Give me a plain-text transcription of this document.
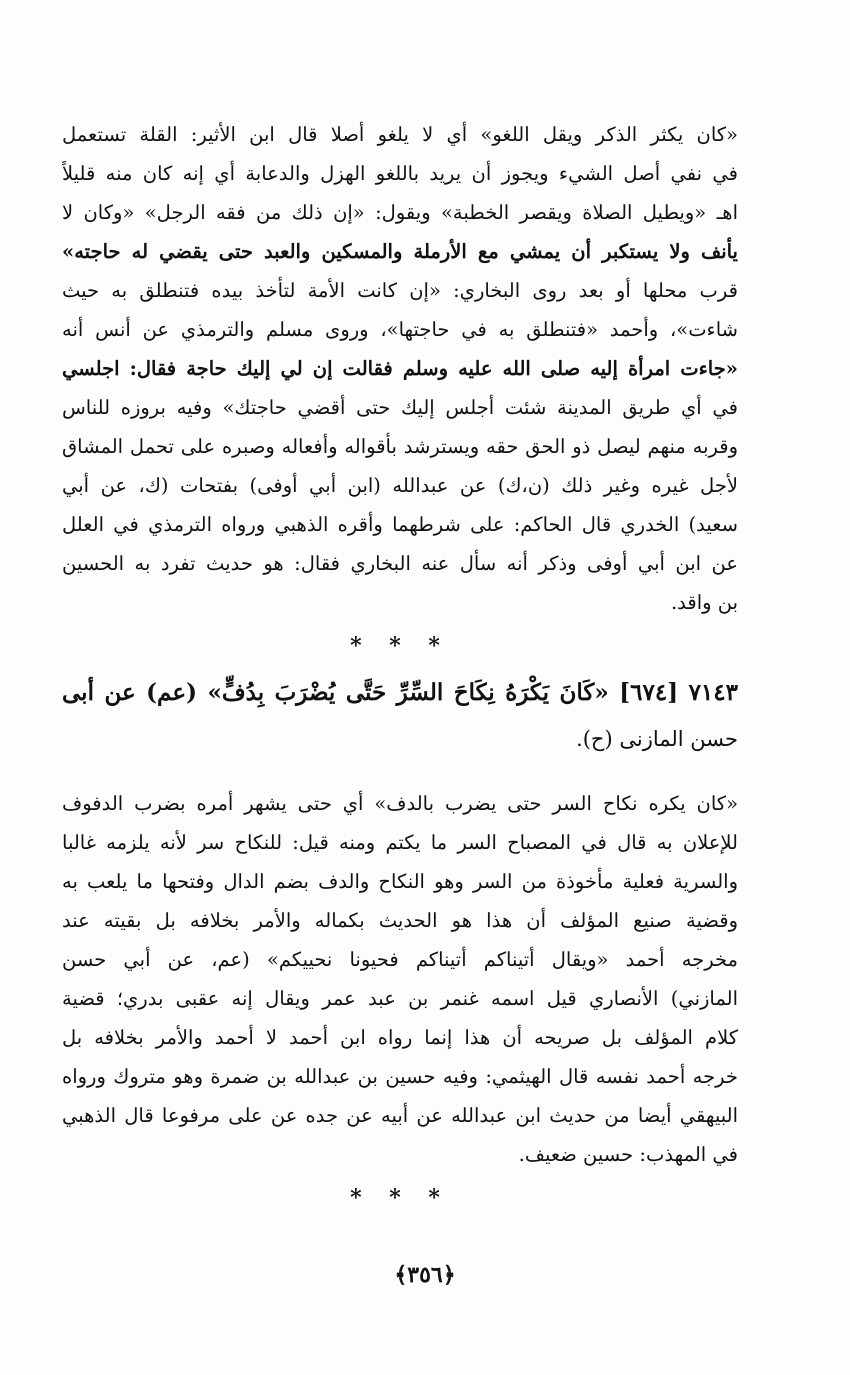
«كان يكثر الذكر ويقل اللغو» أي لا يلغو أصلا قال ابن الأثير: القلة تستعمل
في نفي أصل الشيء ويجوز أن يريد باللغو الهزل والدعابة أي إنه كان منه قليلاً
اهـ «ويطيل الصلاة ويقصر الخطبة» ويقول: «إن ذلك من فقه الرجل» «وكان لا
يأنف ولا يستكبر أن يمشي مع الأرملة والمسكين والعبد حتى يقضي له حاجته»
قرب محلها أو بعد روى البخاري: «إن كانت الأمة لتأخذ بيده فتنطلق به حيث
شاءت»، وأحمد «فتنطلق به في حاجتها»، وروى مسلم والترمذي عن أنس أنه
«جاءت امرأة إليه صلى الله عليه وسلم فقالت إن لي إليك حاجة فقال: اجلسي
في أي طريق المدينة شئت أجلس إليك حتى أقضي حاجتك» وفيه بروزه للناس
وقربه منهم ليصل ذو الحق حقه ويسترشد بأقواله وأفعاله وصبره على تحمل المشاق
لأجل غيره وغير ذلك (ن،ك) عن عبدالله (ابن أبي أوفى) بفتحات (ك، عن أبي
سعيد) الخدري قال الحاكم: على شرطهما وأقره الذهبي ورواه الترمذي في العلل
عن ابن أبي أوفى وذكر أنه سأل عنه البخاري فقال: هو حديث تفرد به الحسين
بن واقد.
* * *
٧١٤٣ [٦٧٤] «كَانَ يَكْرَهُ نِكَاحَ السِّرِّ حَتَّى يُضْرَبَ بِدُفٍّ» (عم) عن أبى
حسن المازنى (ح).
«كان يكره نكاح السر حتى يضرب بالدف» أي حتى يشهر أمره بضرب الدفوف
للإعلان به قال في المصباح السر ما يكتم ومنه قيل: للنكاح سر لأنه يلزمه غالبا
والسرية فعلية مأخوذة من السر وهو النكاح والدف بضم الدال وفتحها ما يلعب به
وقضية صنيع المؤلف أن هذا هو الحديث بكماله والأمر بخلافه بل بقيته عند
مخرجه أحمد «ويقال أتيناكم أتيناكم فحيونا نحييكم» (عم، عن أبي حسن
المازني) الأنصاري قيل اسمه غنمر بن عبد عمر ويقال إنه عقبى بدري؛ قضية
كلام المؤلف بل صريحه أن هذا إنما رواه ابن أحمد لا أحمد والأمر بخلافه بل
خرجه أحمد نفسه قال الهيثمي: وفيه حسين بن عبدالله بن ضمرة وهو متروك ورواه
البيهقي أيضا من حديث ابن عبدالله عن أبيه عن جده عن على مرفوعا قال الذهبي
في المهذب: حسين ضعيف.
* * *
﴿٣٥٦﴾
